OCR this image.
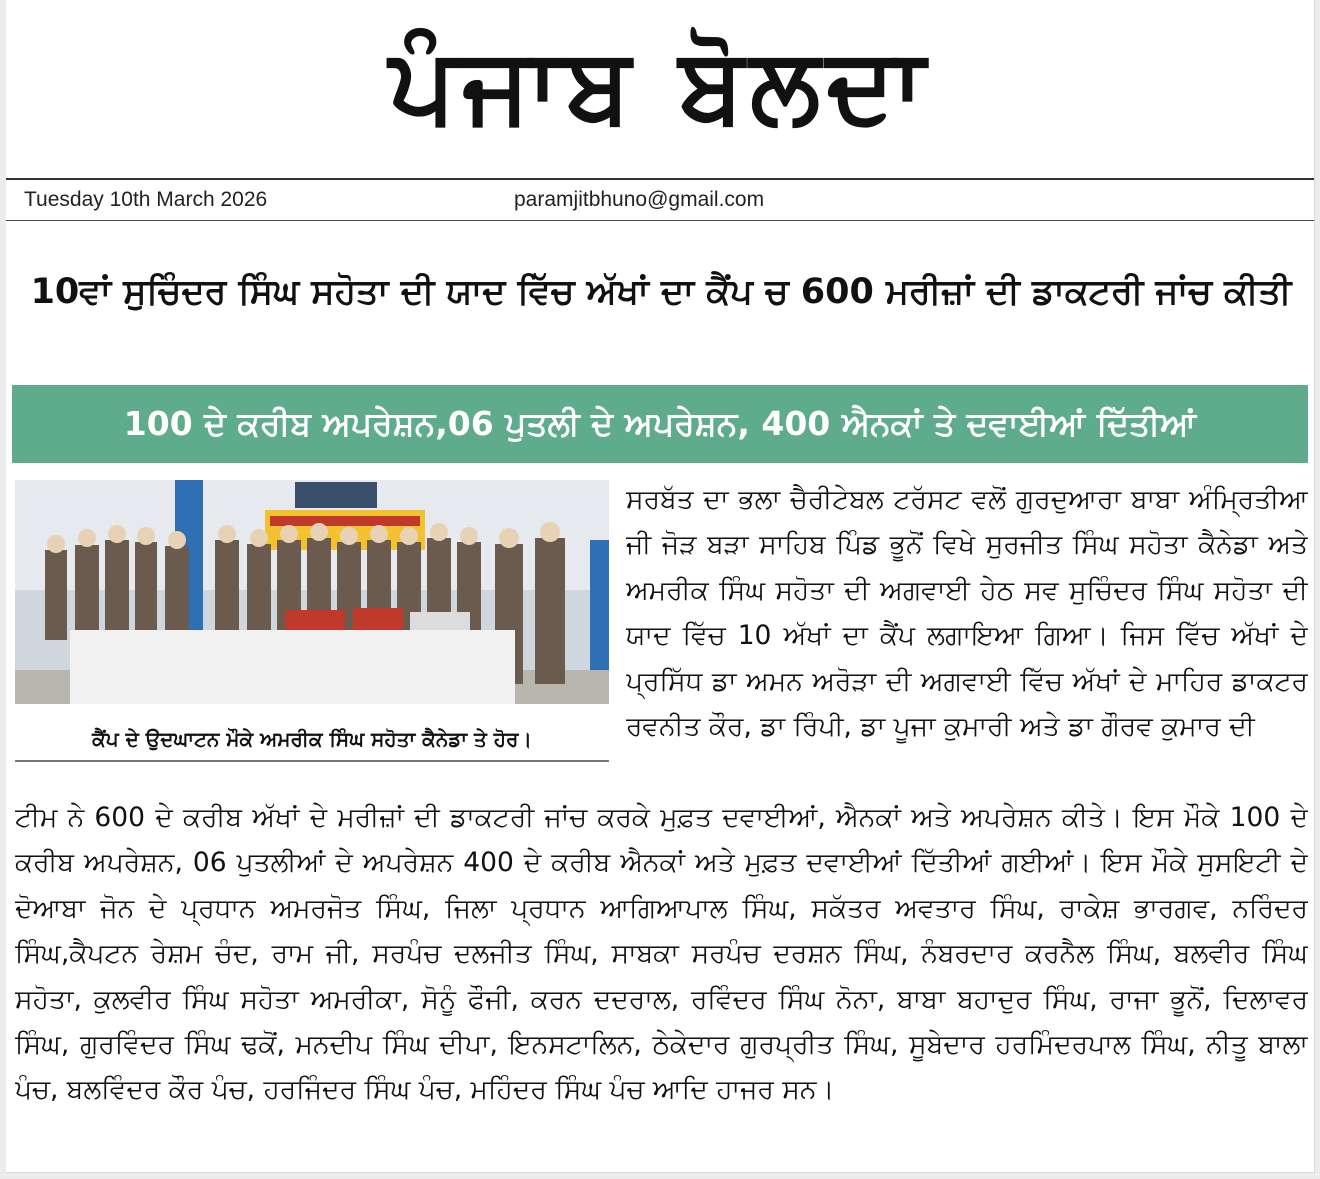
ਪੰਜਾਬ ਬੋਲਦਾ
Tuesday 10th March 2026	paramjitbhuno@gmail.com
10ਵਾਂ ਸੁਚਿੰਦਰ ਸਿੰਘ ਸਹੋਤਾ ਦੀ ਯਾਦ ਵਿੱਚ ਅੱਖਾਂ ਦਾ ਕੈਂਪ ਚ 600 ਮਰੀਜ਼ਾਂ ਦੀ ਡਾਕਟਰੀ ਜਾਂਚ ਕੀਤੀ
100 ਦੇ ਕਰੀਬ ਅਪਰੇਸ਼ਨ,06 ਪੁਤਲੀ ਦੇ ਅਪਰੇਸ਼ਨ, 400 ਐਨਕਾਂ ਤੇ ਦਵਾਈਆਂ ਦਿੱਤੀਆਂ
ਕੈਂਪ ਦੇ ਉਦਘਾਟਨ ਮੌਕੇ ਅਮਰੀਕ ਸਿੰਘ ਸਹੋਤਾ ਕੈਨੇਡਾ ਤੇ ਹੋਰ।
ਸਰਬੱਤ ਦਾ ਭਲਾ ਚੈਰੀਟੇਬਲ ਟਰੱਸਟ ਵਲੋਂ ਗੁਰਦੁਆਰਾ ਬਾਬਾ ਅੰਮ੍ਰਿਤੀਆ ਜੀ ਜੋੜ ਬੜਾ ਸਾਹਿਬ ਪਿੰਡ ਭੂਨੋਂ ਵਿਖੇ ਸੁਰਜੀਤ ਸਿੰਘ ਸਹੋਤਾ ਕੈਨੇਡਾ ਅਤੇ ਅਮਰੀਕ ਸਿੰਘ ਸਹੋਤਾ ਦੀ ਅਗਵਾਈ ਹੇਠ ਸਵ ਸੁਚਿੰਦਰ ਸਿੰਘ ਸਹੋਤਾ ਦੀ ਯਾਦ ਵਿੱਚ 10 ਅੱਖਾਂ ਦਾ ਕੈਂਪ ਲਗਾਇਆ ਗਿਆ। ਜਿਸ ਵਿੱਚ ਅੱਖਾਂ ਦੇ ਪ੍ਰਸਿੱਧ ਡਾ ਅਮਨ ਅਰੋੜਾ ਦੀ ਅਗਵਾਈ ਵਿੱਚ ਅੱਖਾਂ ਦੇ ਮਾਹਿਰ ਡਾਕਟਰ ਰਵਨੀਤ ਕੌਰ, ਡਾ ਰਿੰਪੀ, ਡਾ ਪੂਜਾ ਕੁਮਾਰੀ ਅਤੇ ਡਾ ਗੌਰਵ ਕੁਮਾਰ ਦੀ
ਟੀਮ ਨੇ 600 ਦੇ ਕਰੀਬ ਅੱਖਾਂ ਦੇ ਮਰੀਜ਼ਾਂ ਦੀ ਡਾਕਟਰੀ ਜਾਂਚ ਕਰਕੇ ਮੁਫ਼ਤ ਦਵਾਈਆਂ, ਐਨਕਾਂ ਅਤੇ ਅਪਰੇਸ਼ਨ ਕੀਤੇ। ਇਸ ਮੌਕੇ 100 ਦੇ ਕਰੀਬ ਅਪਰੇਸ਼ਨ, 06 ਪੁਤਲੀਆਂ ਦੇ ਅਪਰੇਸ਼ਨ 400 ਦੇ ਕਰੀਬ ਐਨਕਾਂ ਅਤੇ ਮੁਫ਼ਤ ਦਵਾਈਆਂ ਦਿੱਤੀਆਂ ਗਈਆਂ। ਇਸ ਮੌਕੇ ਸੁਸਇਟੀ ਦੇ ਦੋਆਬਾ ਜੋਨ ਦੇ ਪ੍ਰਧਾਨ ਅਮਰਜੋਤ ਸਿੰਘ, ਜਿਲਾ ਪ੍ਰਧਾਨ ਆਗਿਆਪਾਲ ਸਿੰਘ, ਸਕੱਤਰ ਅਵਤਾਰ ਸਿੰਘ, ਰਾਕੇਸ਼ ਭਾਰਗਵ, ਨਰਿੰਦਰ ਸਿੰਘ,ਕੈਪਟਨ ਰੇਸ਼ਮ ਚੰਦ, ਰਾਮ ਜੀ, ਸਰਪੰਚ ਦਲਜੀਤ ਸਿੰਘ, ਸਾਬਕਾ ਸਰਪੰਚ ਦਰਸ਼ਨ ਸਿੰਘ, ਨੰਬਰਦਾਰ ਕਰਨੈਲ ਸਿੰਘ, ਬਲਵੀਰ ਸਿੰਘ ਸਹੋਤਾ, ਕੁਲਵੀਰ ਸਿੰਘ ਸਹੋਤਾ ਅਮਰੀਕਾ, ਸੋਨੂੰ ਫੌਜੀ, ਕਰਨ ਦਦਰਾਲ, ਰਵਿੰਦਰ ਸਿੰਘ ਨੋਨਾ, ਬਾਬਾ ਬਹਾਦੁਰ ਸਿੰਘ, ਰਾਜਾ ਭੂਨੋਂ, ਦਿਲਾਵਰ ਸਿੰਘ, ਗੁਰਵਿੰਦਰ ਸਿੰਘ ਢਕੋਂ, ਮਨਦੀਪ ਸਿੰਘ ਦੀਪਾ, ਇਨਸਟਾਲਿਨ, ਠੇਕੇਦਾਰ ਗੁਰਪ੍ਰੀਤ ਸਿੰਘ, ਸੂਬੇਦਾਰ ਹਰਮਿੰਦਰਪਾਲ ਸਿੰਘ, ਨੀਤੂ ਬਾਲਾ ਪੰਚ, ਬਲਵਿੰਦਰ ਕੌਰ ਪੰਚ, ਹਰਜਿੰਦਰ ਸਿੰਘ ਪੰਚ, ਮਹਿੰਦਰ ਸਿੰਘ ਪੰਚ ਆਦਿ ਹਾਜਰ ਸਨ।
